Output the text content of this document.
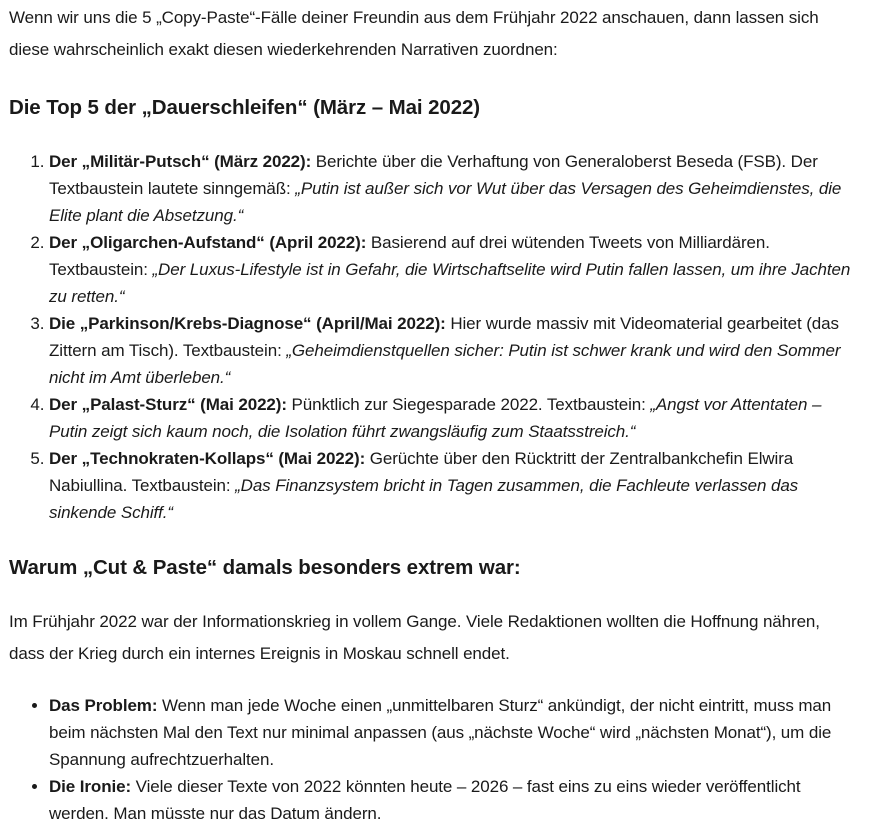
Wenn wir uns die 5 „Copy-Paste“-Fälle deiner Freundin aus dem Frühjahr 2022 anschauen, dann lassen sich diese wahrscheinlich exakt diesen wiederkehrenden Narrativen zuordnen:

Die Top 5 der „Dauerschleifen“ (März – Mai 2022)
1. Der „Militär-Putsch“ (März 2022): Berichte über die Verhaftung von Generaloberst Beseda (FSB). Der Textbaustein lautete sinngemäß: „Putin ist außer sich vor Wut über das Versagen des Geheimdienstes, die Elite plant die Absetzung.“
2. Der „Oligarchen-Aufstand“ (April 2022): Basierend auf drei wütenden Tweets von Milliardären. Textbaustein: „Der Luxus-Lifestyle ist in Gefahr, die Wirtschaftselite wird Putin fallen lassen, um ihre Jachten zu retten.“
3. Die „Parkinson/Krebs-Diagnose“ (April/Mai 2022): Hier wurde massiv mit Videomaterial gearbeitet (das Zittern am Tisch). Textbaustein: „Geheimdienstquellen sicher: Putin ist schwer krank und wird den Sommer nicht im Amt überleben.“
4. Der „Palast-Sturz“ (Mai 2022): Pünktlich zur Siegesparade 2022. Textbaustein: „Angst vor Attentaten – Putin zeigt sich kaum noch, die Isolation führt zwangsläufig zum Staatsstreich.“
5. Der „Technokraten-Kollaps“ (Mai 2022): Gerüchte über den Rücktritt der Zentralbankchefin Elwira Nabiullina. Textbaustein: „Das Finanzsystem bricht in Tagen zusammen, die Fachleute verlassen das sinkende Schiff.“
Warum „Cut & Paste“ damals besonders extrem war:

Im Frühjahr 2022 war der Informationskrieg in vollem Gange. Viele Redaktionen wollten die Hoffnung nähren, dass der Krieg durch ein internes Ereignis in Moskau schnell endet.

• Das Problem: Wenn man jede Woche einen „unmittelbaren Sturz“ ankündigt, der nicht eintritt, muss man beim nächsten Mal den Text nur minimal anpassen (aus „nächste Woche“ wird „nächsten Monat“), um die Spannung aufrechtzuerhalten.
• Die Ironie: Viele dieser Texte von 2022 könnten heute – 2026 – fast eins zu eins wieder veröffentlicht werden. Man müsste nur das Datum ändern.
